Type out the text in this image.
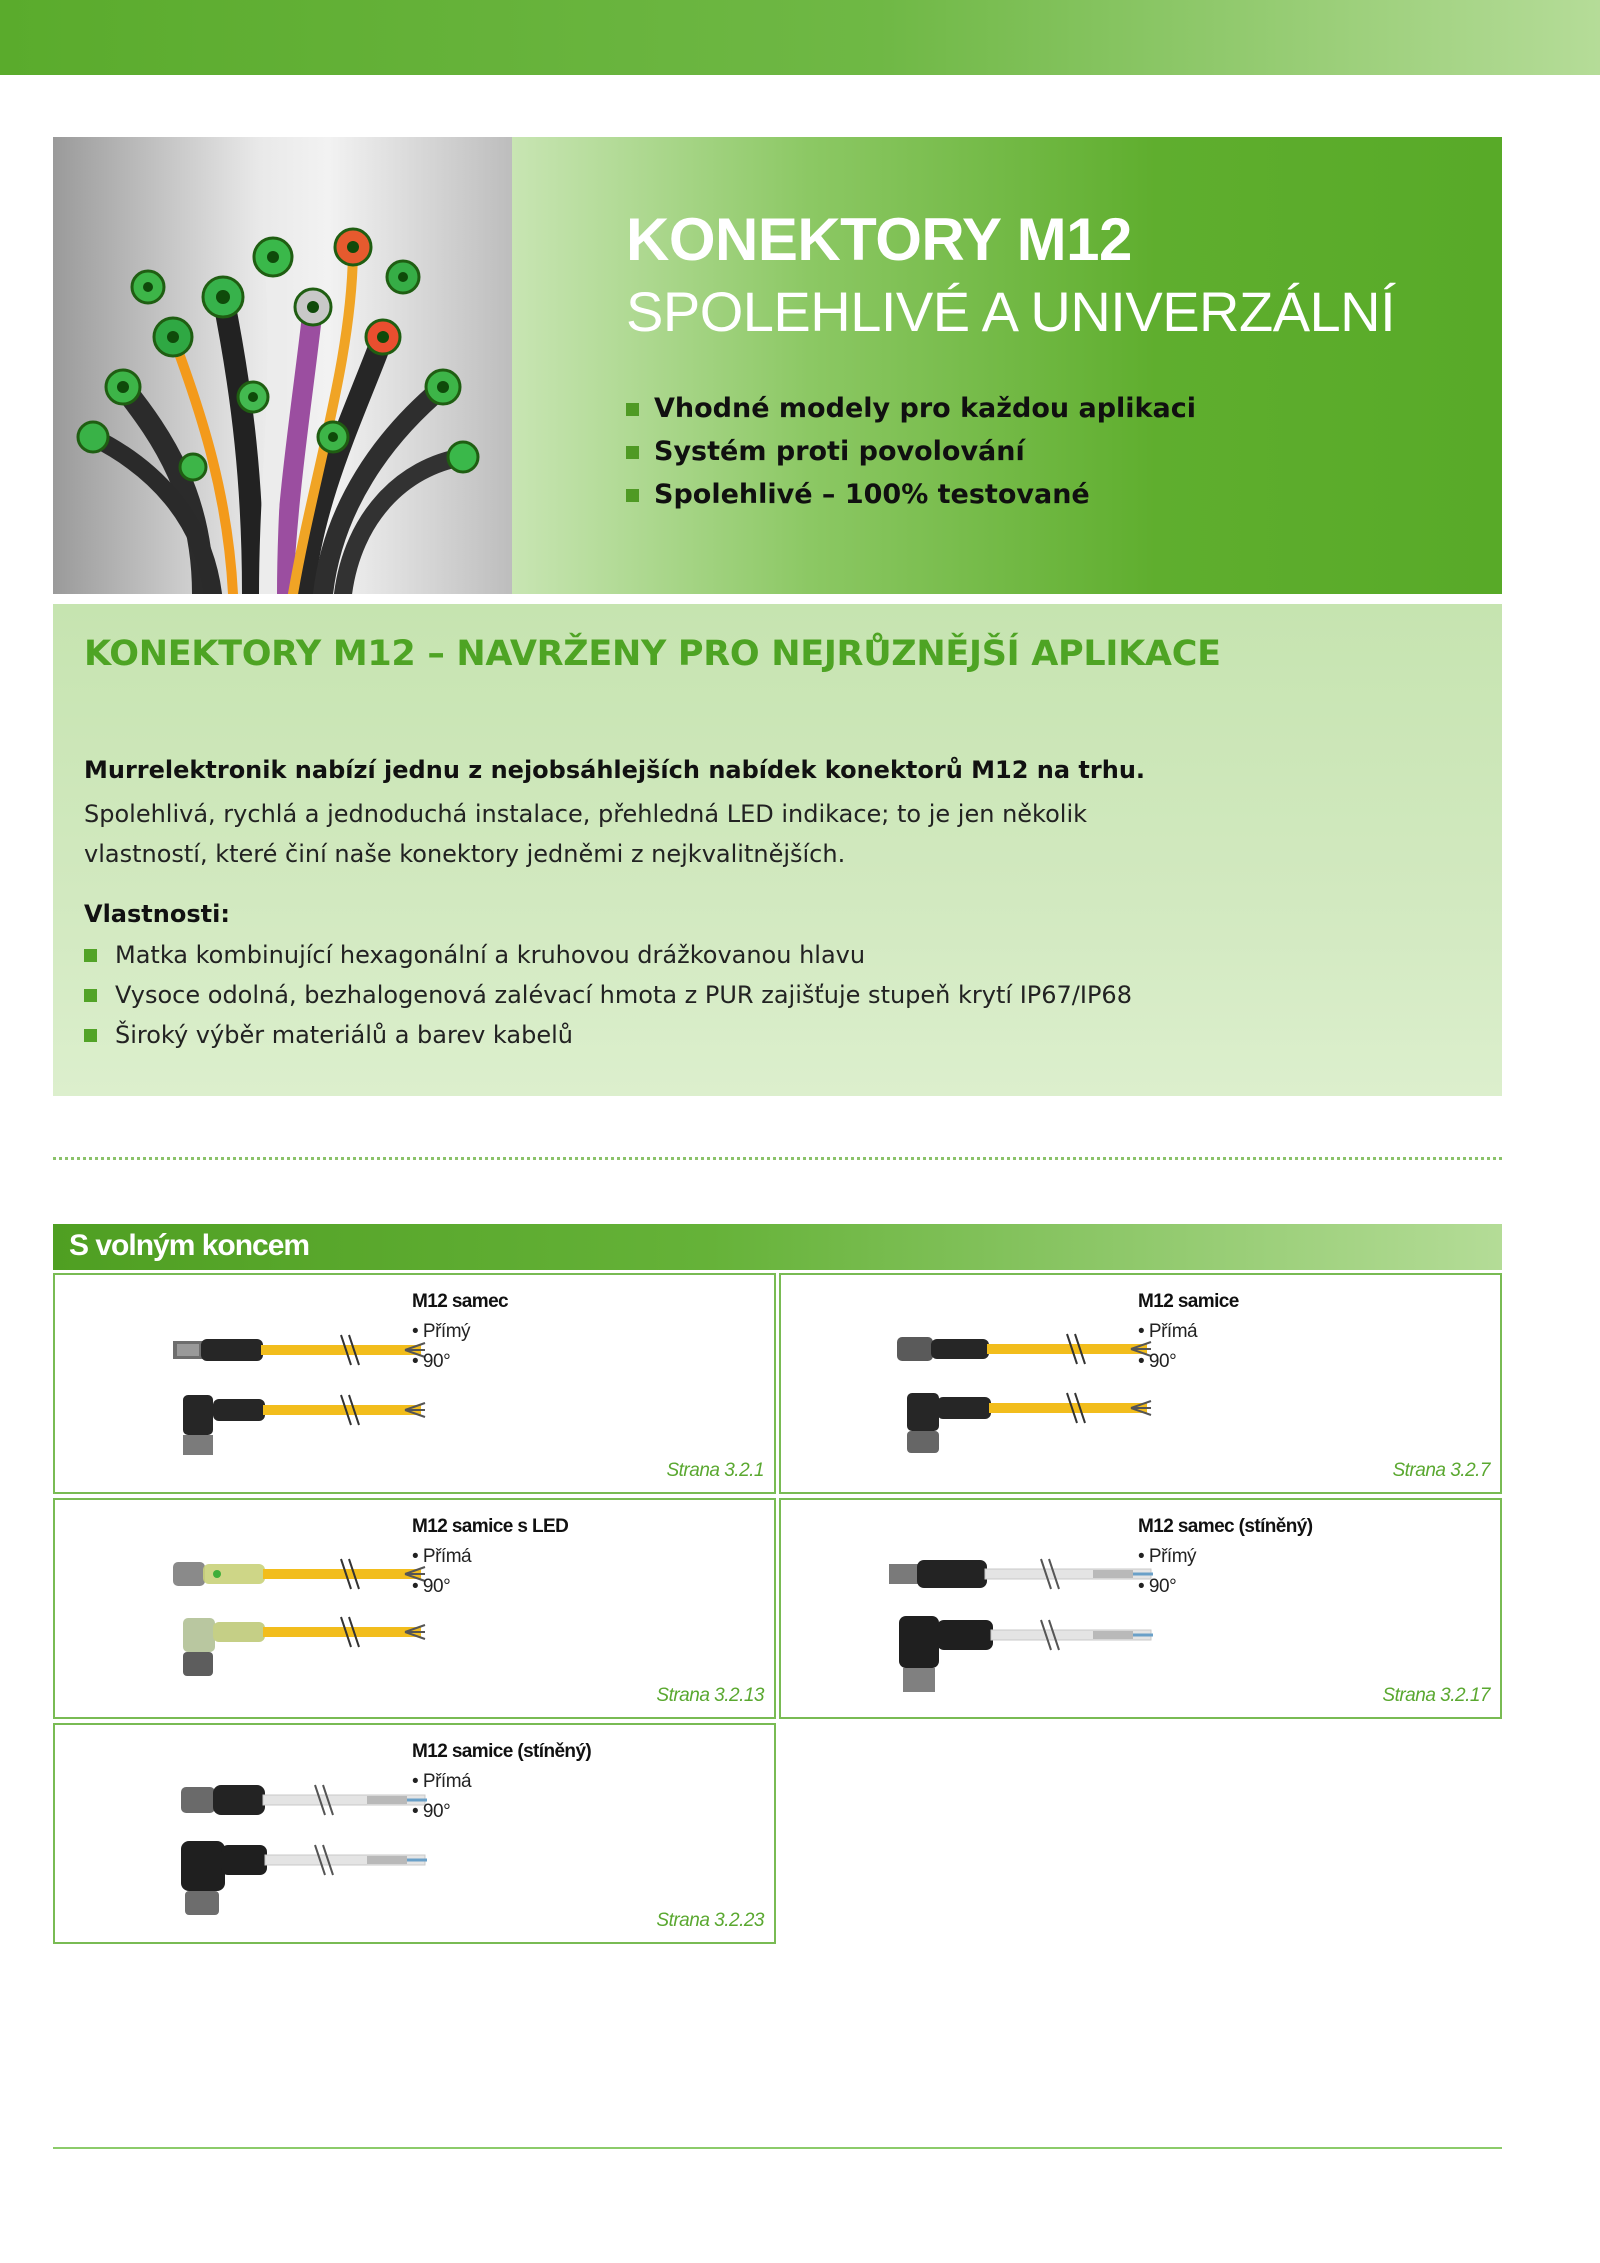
KONEKTORY M12
SPOLEHLIVÉ A UNIVERZÁLNÍ
Vhodné modely pro každou aplikaci
Systém proti povolování
Spolehlivé – 100% testované
KONEKTORY M12 – NAVRŽENY PRO NEJRŮZNĚJŠÍ APLIKACE
Murrelektronik nabízí jednu z nejobsáhlejších nabídek konektorů M12 na trhu.
Spolehlivá, rychlá a jednoduchá instalace, přehledná LED indikace; to je jen několik
vlastností, které činí naše konektory jedněmi z nejkvalitnějších.
Vlastnosti:
Matka kombinující hexagonální a kruhovou drážkovanou hlavu
Vysoce odolná, bezhalogenová zalévací hmota z PUR zajišťuje stupeň krytí IP67/IP68
Široký výběr materiálů a barev kabelů
S volným koncem
M12 samec
• Přímý
• 90°
Strana 3.2.1
M12 samice
• Přímá
• 90°
Strana 3.2.7
M12 samice s LED
• Přímá
• 90°
Strana 3.2.13
M12 samec (stíněný)
• Přímý
• 90°
Strana 3.2.17
M12 samice (stíněný)
• Přímá
• 90°
Strana 3.2.23
